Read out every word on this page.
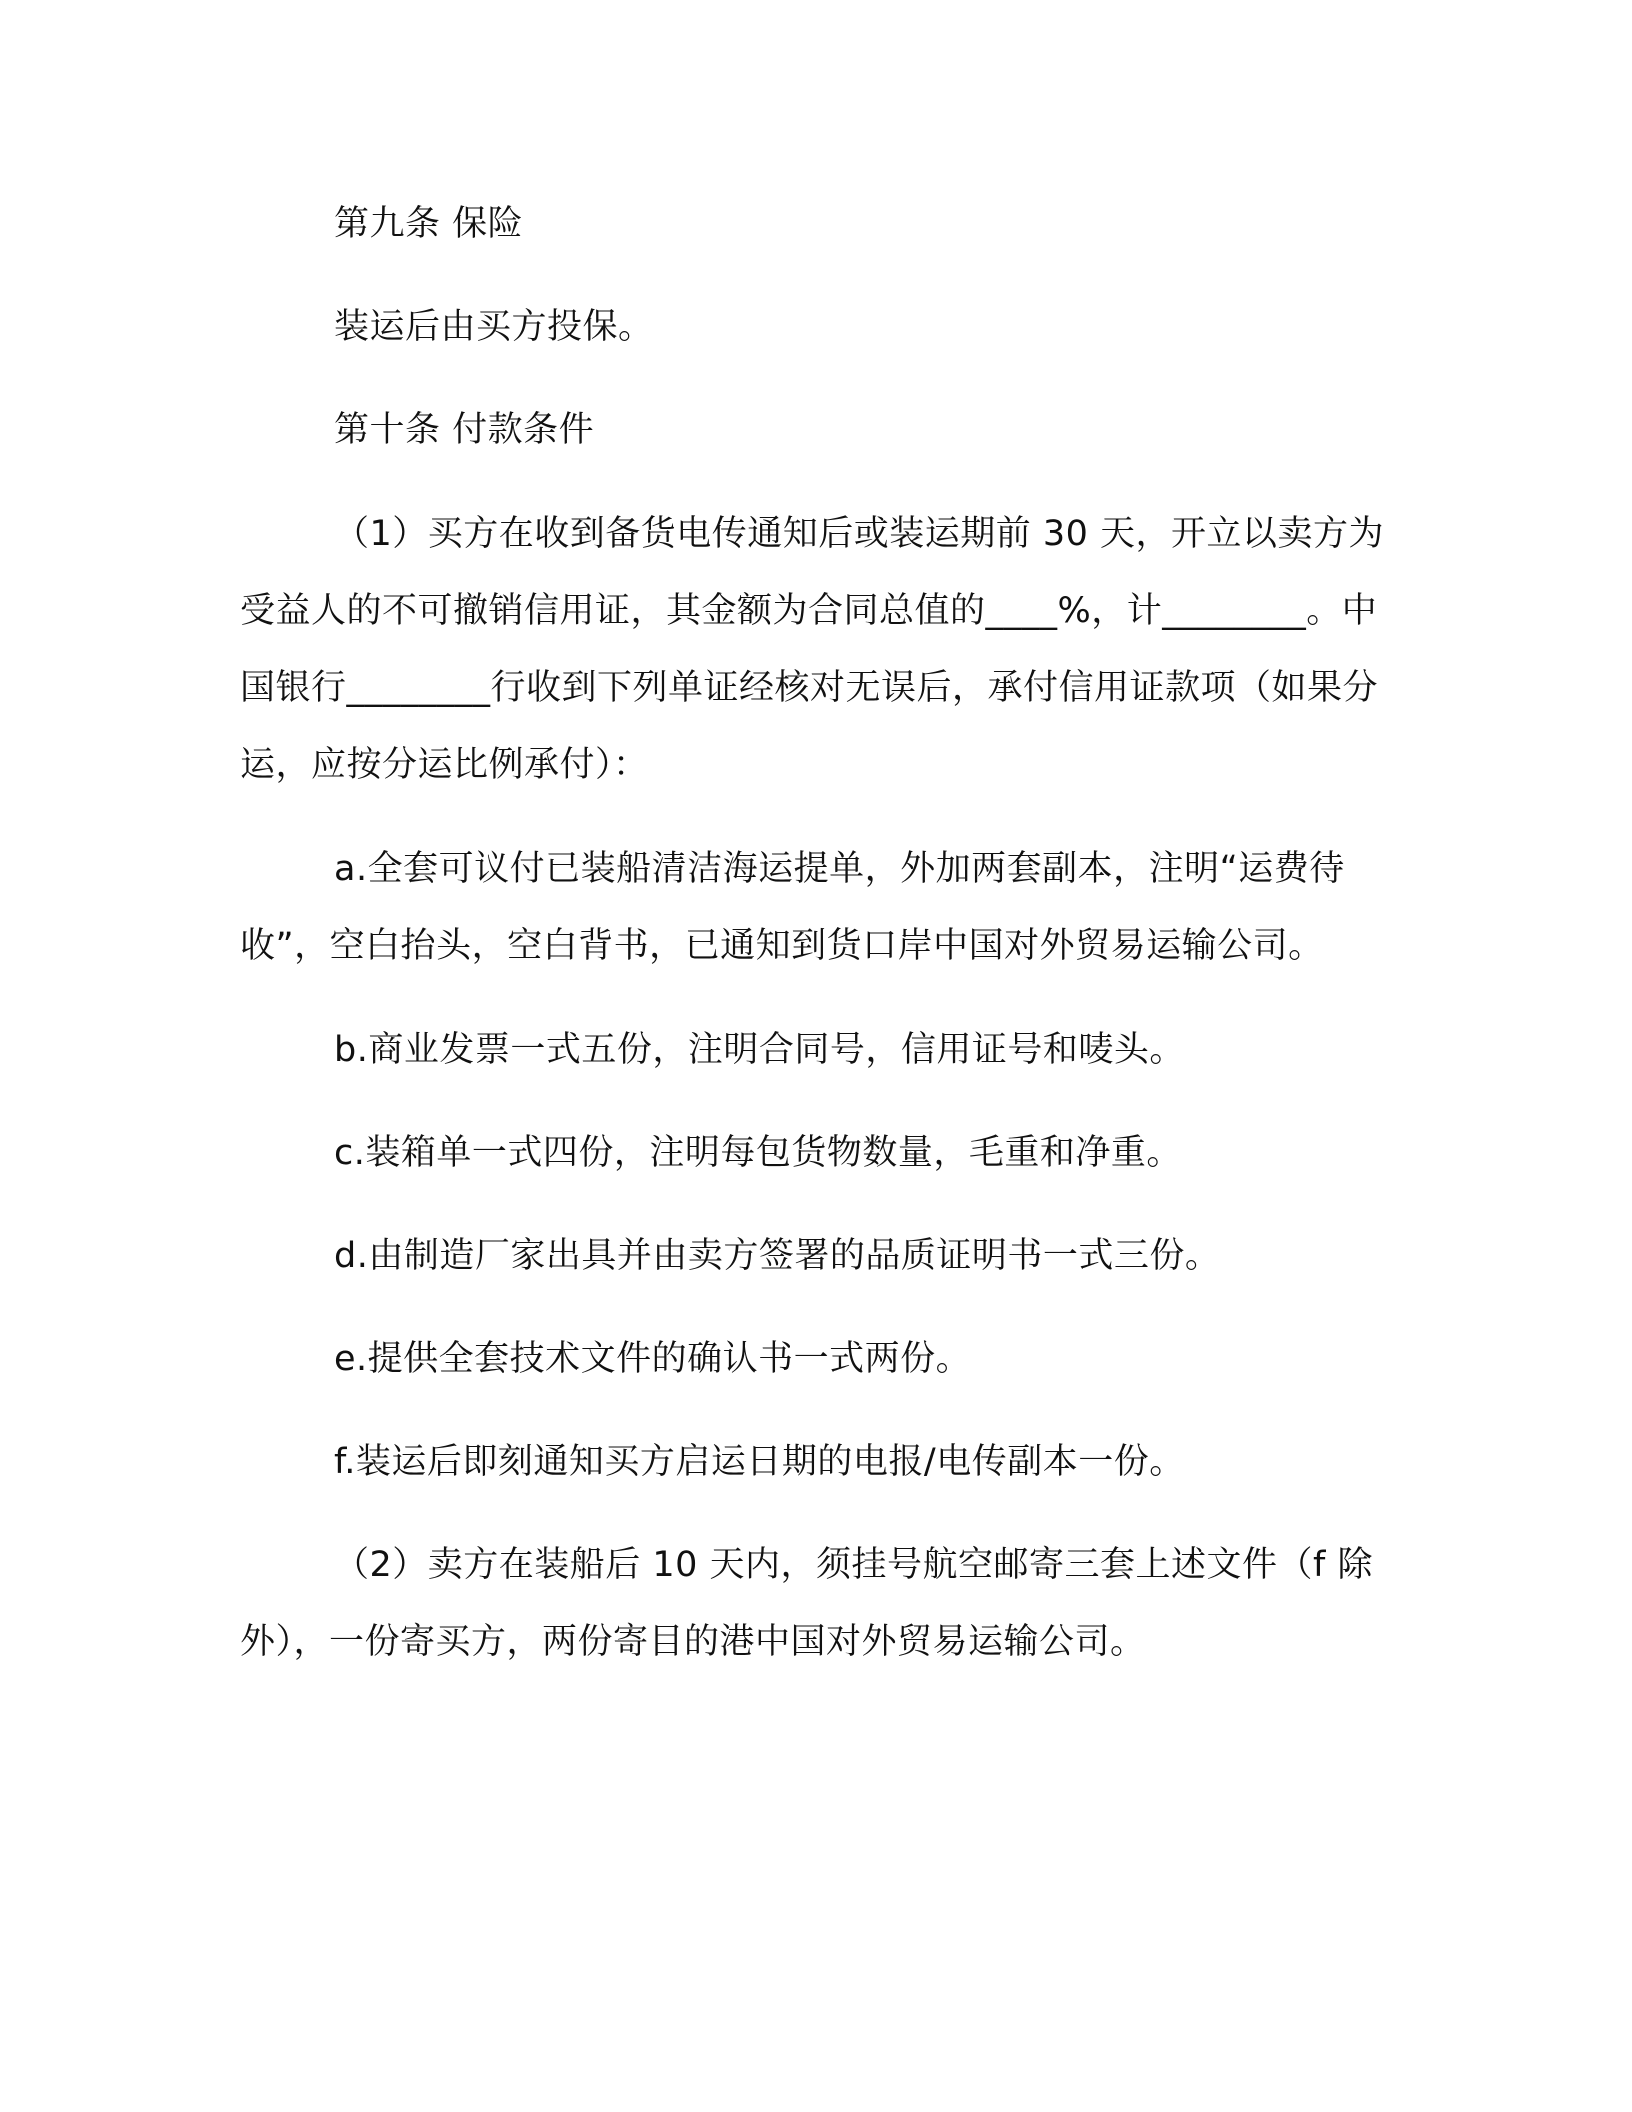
第九条 保险

装运后由买方投保。

第十条 付款条件

（1）买方在收到备货电传通知后或装运期前 30 天，开立以卖方为受益人的不可撤销信用证，其金额为合同总值的____%，计________。中国银行________行收到下列单证经核对无误后，承付信用证款项（如果分运，应按分运比例承付）：

a.全套可议付已装船清洁海运提单，外加两套副本，注明“运费待收”，空白抬头，空白背书，已通知到货口岸中国对外贸易运输公司。

b.商业发票一式五份，注明合同号，信用证号和唛头。

c.装箱单一式四份，注明每包货物数量，毛重和净重。

d.由制造厂家出具并由卖方签署的品质证明书一式三份。

e.提供全套技术文件的确认书一式两份。

f.装运后即刻通知买方启运日期的电报/电传副本一份。

（2）卖方在装船后 10 天内，须挂号航空邮寄三套上述文件（f 除外），一份寄买方，两份寄目的港中国对外贸易运输公司。
